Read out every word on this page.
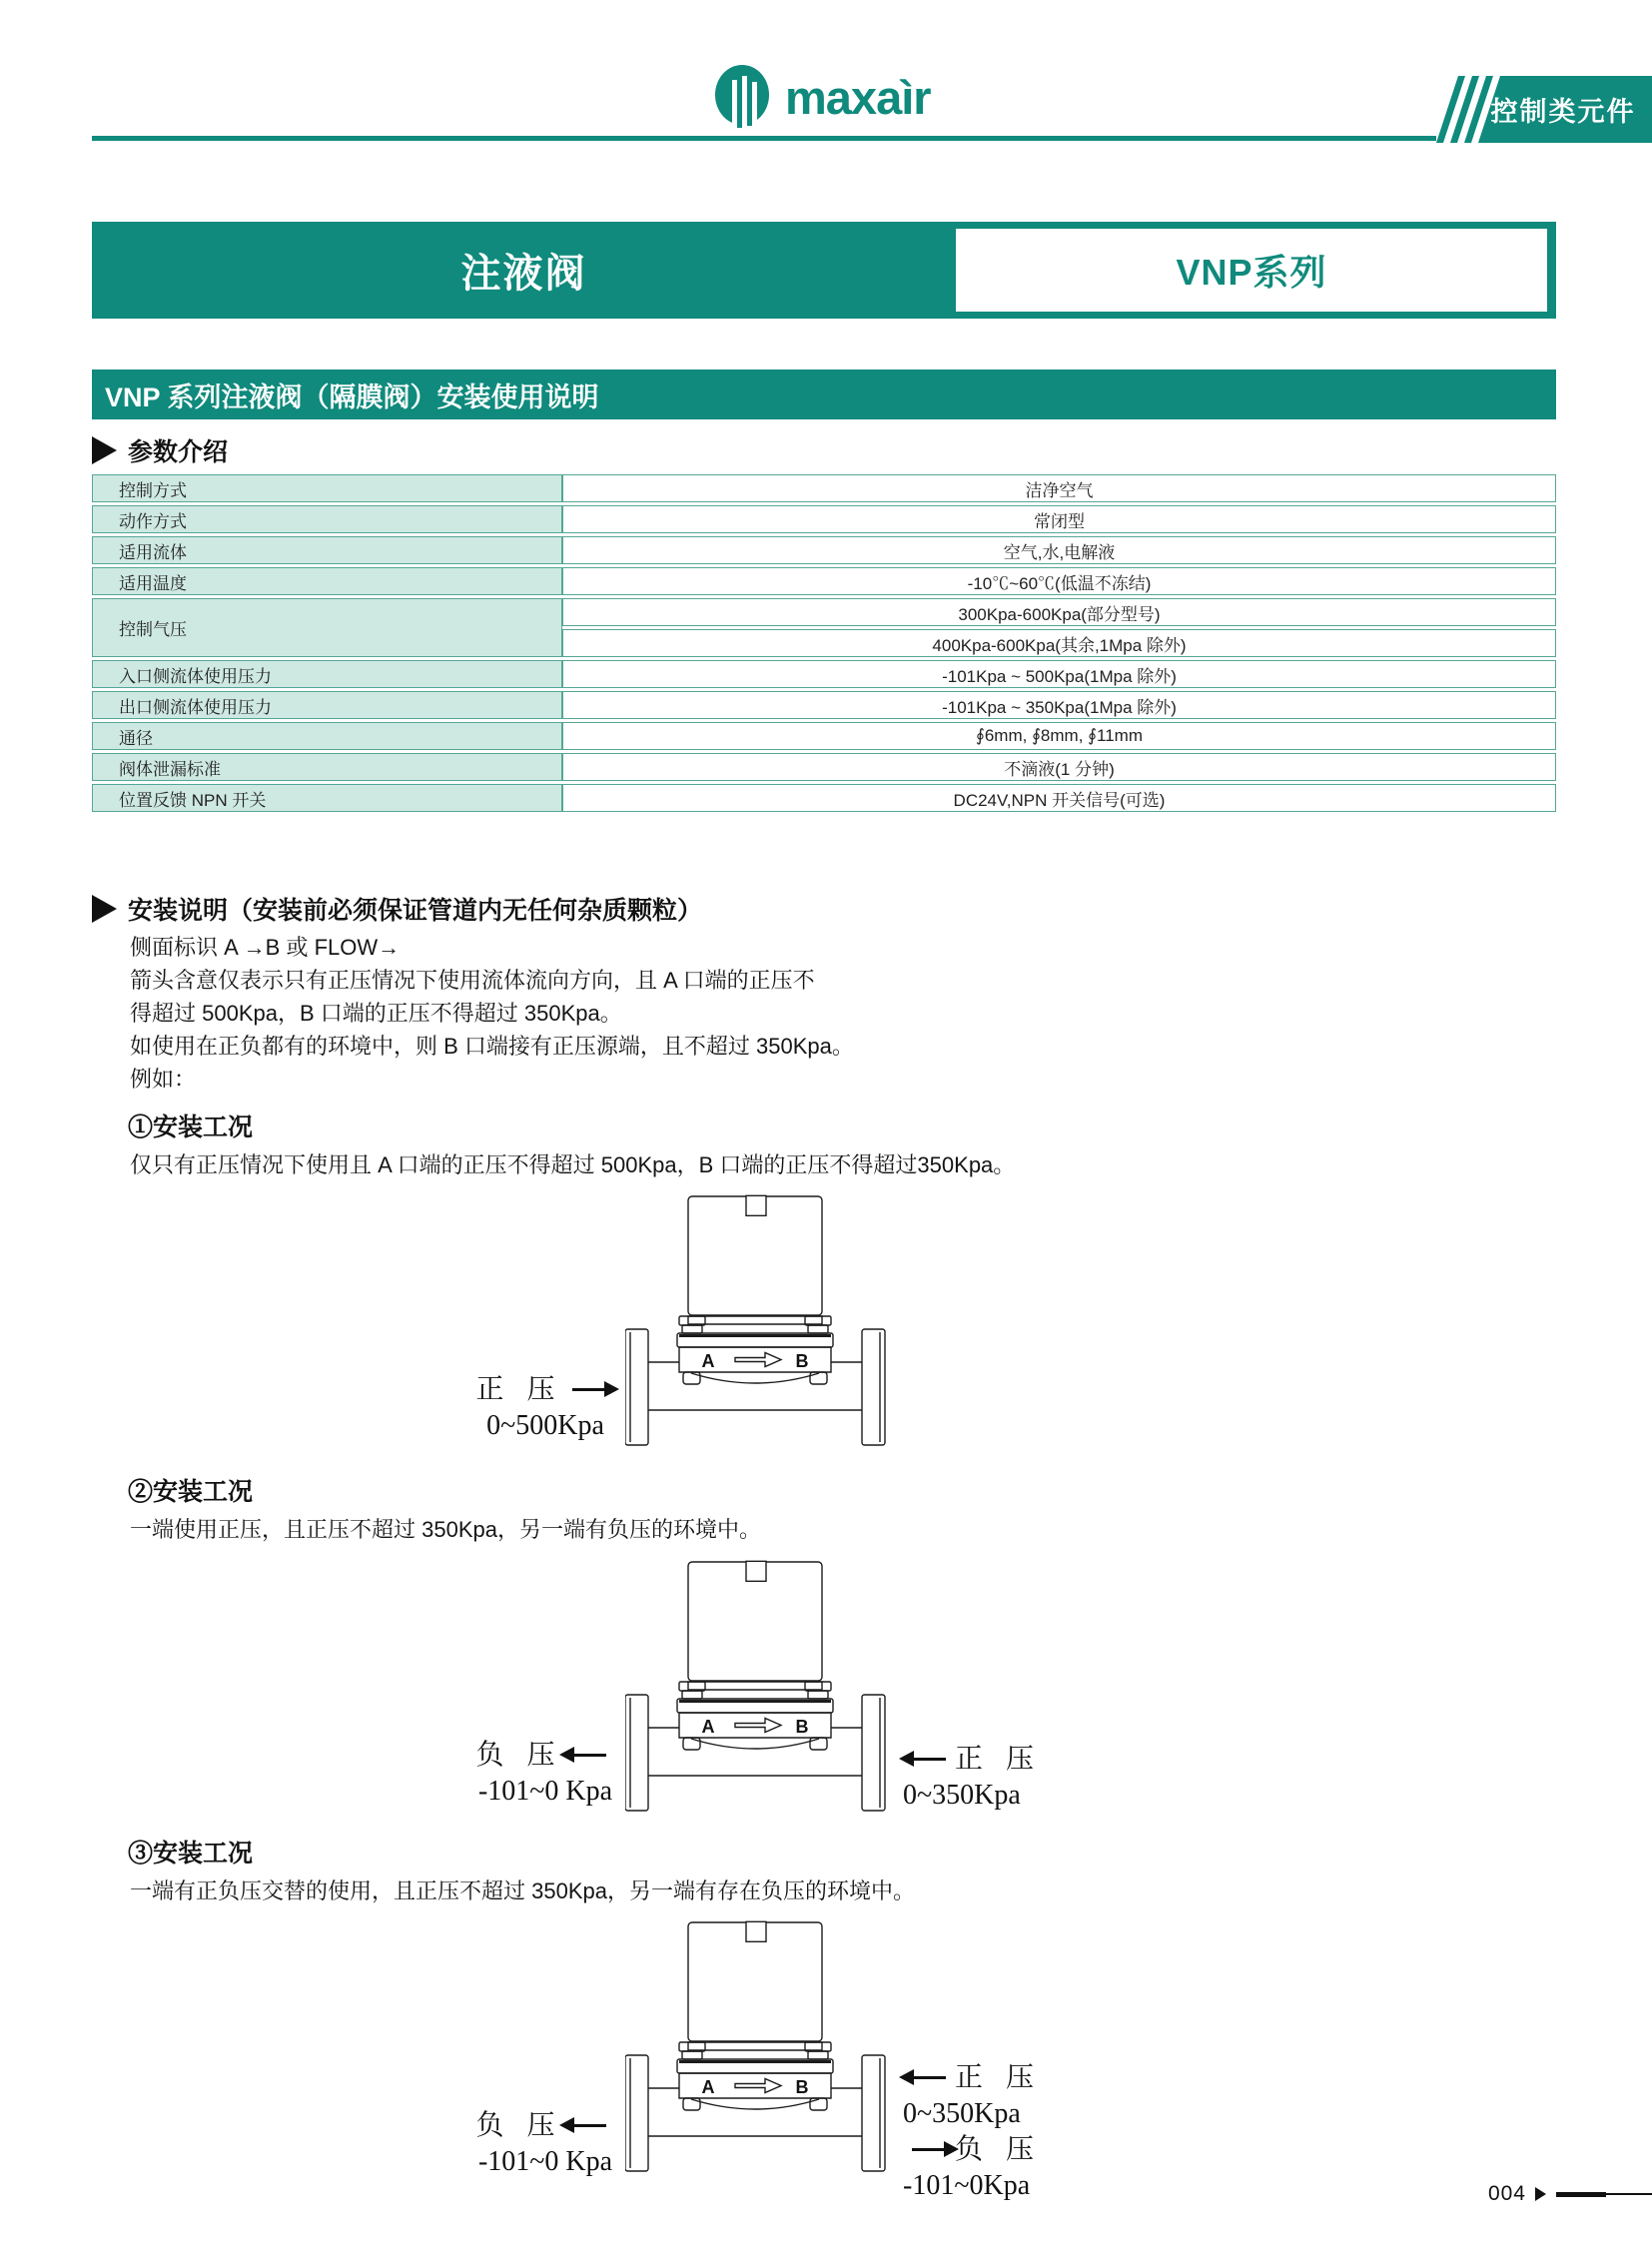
maxaìr	控制类元件
注液阀	VNP系列
VNP 系列注液阀（隔膜阀）安装使用说明
参数介绍
控制方式	洁净空气
动作方式	常闭型
适用流体	空气,水,电解液
适用温度	-10℃~60℃(低温不冻结)
控制气压	300Kpa-600Kpa(部分型号)
	400Kpa-600Kpa(其余,1Mpa 除外)
入口侧流体使用压力	-101Kpa ~ 500Kpa(1Mpa 除外)
出口侧流体使用压力	-101Kpa ~ 350Kpa(1Mpa 除外)
通径	∮6mm, ∮8mm, ∮11mm
阀体泄漏标准	不滴液(1 分钟)
位置反馈 NPN 开关	DC24V,NPN 开关信号(可选)
安装说明（安装前必须保证管道内无任何杂质颗粒）
侧面标识 A →B 或 FLOW→
箭头含意仅表示只有正压情况下使用流体流向方向，且 A 口端的正压不
得超过 500Kpa，B 口端的正压不得超过 350Kpa。
如使用在正负都有的环境中，则 B 口端接有正压源端，且不超过 350Kpa。
例如：
①安装工况
仅只有正压情况下使用且 A 口端的正压不得超过 500Kpa，B 口端的正压不得超过350Kpa。
A	B
正 压
0~500Kpa
②安装工况
一端使用正压，且正压不超过 350Kpa，另一端有负压的环境中。
A	B
负 压
-101~0 Kpa
正 压
0~350Kpa
③安装工况
一端有正负压交替的使用，且正压不超过 350Kpa，另一端有存在负压的环境中。
A	B
负 压
-101~0 Kpa
正 压
0~350Kpa
负 压
-101~0Kpa	004
